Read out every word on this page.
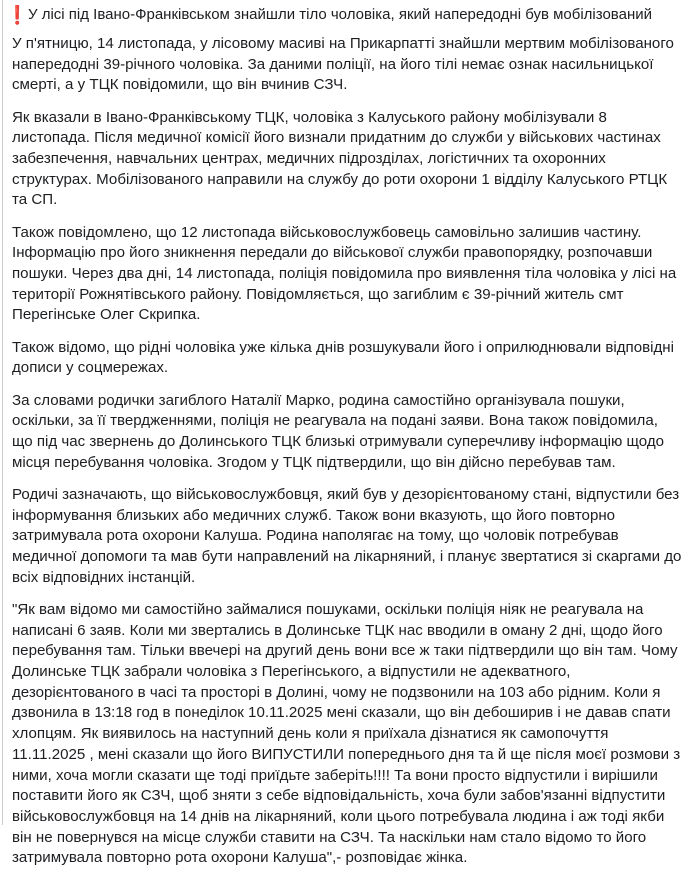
❗ У лісі під Івано-Франківськом знайшли тіло чоловіка, який напередодні був мобілізований

У п'ятницю, 14 листопада, у лісовому масиві на Прикарпатті знайшли мертвим мобілізованого напередодні 39-річного чоловіка. За даними поліції, на його тілі немає ознак насильницької смерті, а у ТЦК повідомили, що він вчинив СЗЧ.

Як вказали в Івано-Франківському ТЦК, чоловіка з Калуського району мобілізували 8 листопада. Після медичної комісії його визнали придатним до служби у військових частинах забезпечення, навчальних центрах, медичних підрозділах, логістичних та охоронних структурах. Мобілізованого направили на службу до роти охорони 1 відділу Калуського РТЦК та СП.

Також повідомлено, що 12 листопада військовослужбовець самовільно залишив частину. Інформацію про його зникнення передали до військової служби правопорядку, розпочавши пошуки. Через два дні, 14 листопада, поліція повідомила про виявлення тіла чоловіка у лісі на території Рожнятівського району. Повідомляється, що загиблим є 39-річний житель смт Перегінське Олег Скрипка.

Також відомо, що рідні чоловіка уже кілька днів розшукували його і оприлюднювали відповідні дописи у соцмережах.

За словами родички загиблого Наталії Марко, родина самостійно організувала пошуки, оскільки, за її твердженнями, поліція не реагувала на подані заяви. Вона також повідомила, що під час звернень до Долинського ТЦК близькі отримували суперечливу інформацію щодо місця перебування чоловіка. Згодом у ТЦК підтвердили, що він дійсно перебував там.

Родичі зазначають, що військовослужбовця, який був у дезорієнтованому стані, відпустили без інформування близьких або медичних служб. Також вони вказують, що його повторно затримувала рота охорони Калуша. Родина наполягає на тому, що чоловік потребував медичної допомоги та мав бути направлений на лікарняний, і планує звертатися зі скаргами до всіх відповідних інстанцій.

"Як вам відомо ми самостійно займалися пошуками, оскільки поліція ніяк не реагувала на написані 6 заяв. Коли ми звертались в Долинське ТЦК нас вводили в оману 2 дні, щодо його перебування там. Тільки ввечері на другий день вони все ж таки підтвердили що він там. Чому Долинське ТЦК забрали чоловіка з Перегінського, а відпустили не адекватного, дезорієнтованого в часі та просторі в Долині, чому не подзвонили на 103 або рідним. Коли я дзвонила в 13:18 год в понеділок 10.11.2025 мені сказали, що він дебоширив і не давав спати хлопцям. Як виявилось на наступний день коли я приїхала дізнатися як самопочуття 11.11.2025 , мені сказали що його ВИПУСТИЛИ попереднього дня та й ще після моєї розмови з ними, хоча могли сказати ще тоді приїдьте заберіть!!!! Та вони просто відпустили і вирішили поставити його як СЗЧ, щоб зняти з себе відповідальність, хоча були забов'язанні відпустити військовослужбовця на 14 днів на лікарняний, коли цього потребувала людина і аж тоді якби він не повернувся на місце служби ставити на СЗЧ. Та наскільки нам стало відомо то його затримувала повторно рота охорони Калуша",- розповідає жінка.
